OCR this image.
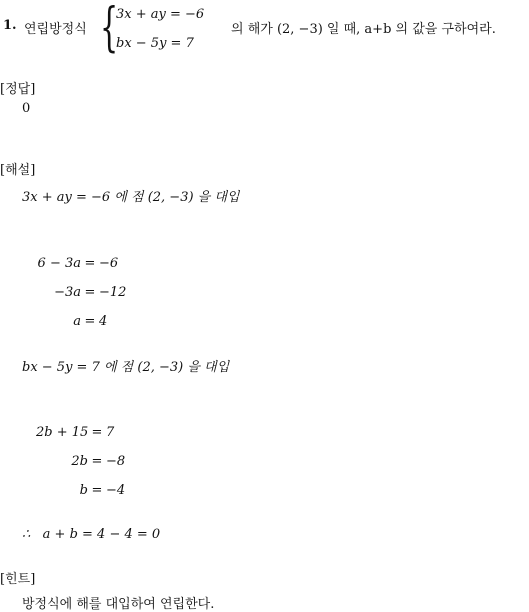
1. 연립방정식 {
3x + ay = −6
bx − 5y = 7
의 해가 (2, −3) 일 때, a+b 의 값을 구하여라.
[정답]
0
[해설]
3x + ay = −6 에 점 (2, −3) 을 대입
6 − 3a = −6
−3a = −12
a = 4
bx − 5y = 7 에 점 (2, −3) 을 대입
2b + 15 = 7
2b = −8
b = −4
∴   a + b = 4 − 4 = 0
[힌트]
방정식에 해를 대입하여 연립한다.
